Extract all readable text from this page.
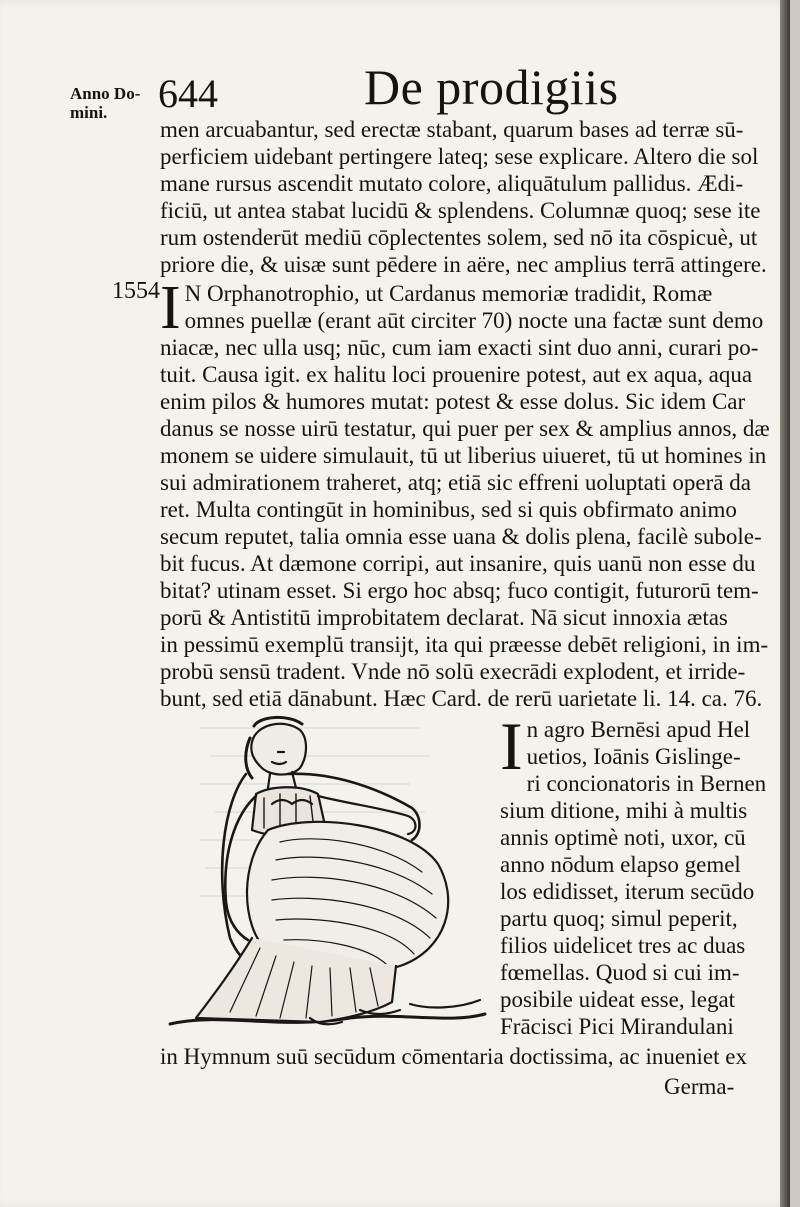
Anno Do- mini.	644	De prodigiis
men arcuabantur, sed erectæ stabant, quarum bases ad terræ sū-
perficiem uidebant pertingere lateq; sese explicare. Altero die sol
mane rursus ascendit mutato colore, aliquātulum pallidus. Ædi-
ficiū, ut antea stabat lucidū & splendens. Columnæ quoq; sese ite
rum ostenderūt mediū cōplectentes solem, sed nō ita cōspicuè, ut
priore die, & uisæ sunt pēdere in aëre, nec amplius terrā attingere.
1554 I N Orphanotrophio, ut Cardanus memoriæ tradidit, Romæ
omnes puellæ (erant aūt circiter 70) nocte una factæ sunt demo
niacæ, nec ulla usq; nūc, cum iam exacti sint duo anni, curari po-
tuit. Causa igit. ex halitu loci prouenire potest, aut ex aqua, aqua
enim pilos & humores mutat: potest & esse dolus. Sic idem Car
danus se nosse uirū testatur, qui puer per sex & amplius annos, dæ
monem se uidere simulauit, tū ut liberius uiueret, tū ut homines in
sui admirationem traheret, atq; etiā sic effreni uoluptati operā da
ret. Multa contingūt in hominibus, sed si quis obfirmato animo
secum reputet, talia omnia esse uana & dolis plena, facilè subole-
bit fucus. At dæmone corripi, aut insanire, quis uanū non esse du
bitat? utinam esset. Si ergo hoc absq; fuco contigit, futurorū tem-
porū & Antistitū improbitatem declarat. Nā sicut innoxia ætas
in pessimū exemplū transijt, ita qui præesse debēt religioni, in im-
probū sensū tradent. Vnde nō solū execrādi explodent, et irride-
bunt, sed etiā dānabunt. Hæc Card. de rerū uarietate li. 14. ca. 76.
I n agro Bernēsi apud Hel
uetios, Ioānis Gislinge-
ri concionatoris in Bernen
sium ditione, mihi à multis
annis optimè noti, uxor, cū
anno nōdum elapso gemel
los edidisset, iterum secūdo
partu quoq; simul peperit,
filios uidelicet tres ac duas
fœmellas. Quod si cui im-
posibile uideat esse, legat
Frācisci Pici Mirandulani
in Hymnum suū secūdum cōmentaria doctissima, ac inueniet ex
Germa-
